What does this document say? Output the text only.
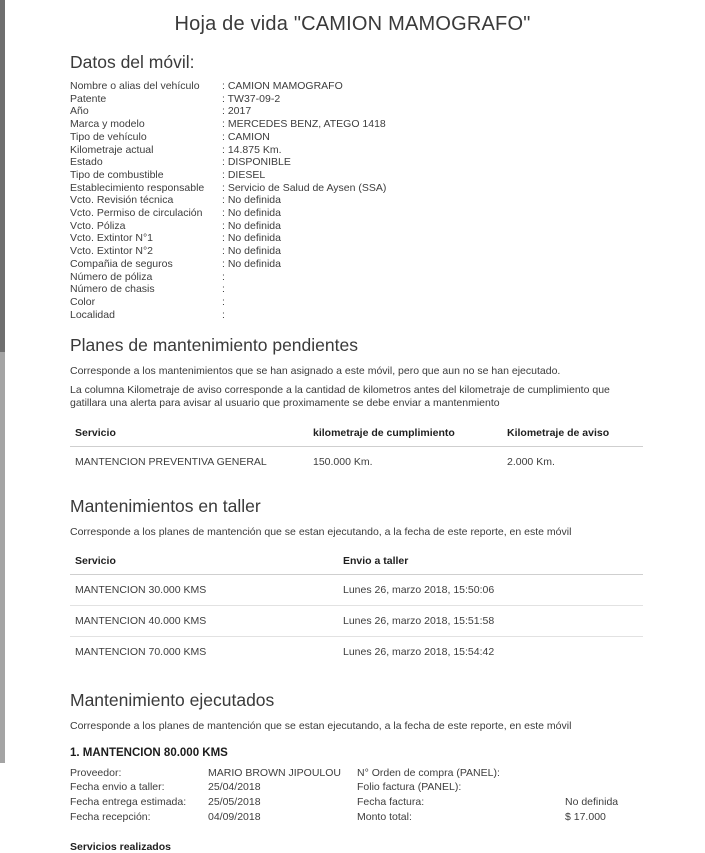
Hoja de vida "CAMION MAMOGRAFO"
Datos del móvil:
Nombre o alias del vehículo	: CAMION MAMOGRAFO
Patente	: TW37-09-2
Año	: 2017
Marca y modelo	: MERCEDES BENZ, ATEGO 1418
Tipo de vehículo	: CAMION
Kilometraje actual	: 14.875 Km.
Estado	: DISPONIBLE
Tipo de combustible	: DIESEL
Establecimiento responsable	: Servicio de Salud de Aysen (SSA)
Vcto. Revisión técnica	: No definida
Vcto. Permiso de circulación	: No definida
Vcto. Póliza	: No definida
Vcto. Extintor N°1	: No definida
Vcto. Extintor N°2	: No definida
Compañia de seguros	: No definida
Número de póliza	:
Número de chasis	:
Color	:
Localidad	:
Planes de mantenimiento pendientes

Corresponde a los mantenimientos que se han asignado a este móvil, pero que aun no se han ejecutado.

La columna Kilometraje de aviso corresponde a la cantidad de kilometros antes del kilometraje de cumplimiento que gatillara una alerta para avisar al usuario que proximamente se debe enviar a mantenmiento

Servicio	kilometraje de cumplimiento	Kilometraje de aviso
MANTENCION PREVENTIVA GENERAL	150.000 Km.	2.000 Km.
Mantenimientos en taller

Corresponde a los planes de mantención que se estan ejecutando, a la fecha de este reporte, en este móvil

Servicio	Envio a taller
MANTENCION 30.000 KMS	Lunes 26, marzo 2018, 15:50:06
MANTENCION 40.000 KMS	Lunes 26, marzo 2018, 15:51:58
MANTENCION 70.000 KMS	Lunes 26, marzo 2018, 15:54:42
Mantenimiento ejecutados

Corresponde a los planes de mantención que se estan ejecutando, a la fecha de este reporte, en este móvil

1. MANTENCION 80.000 KMS
Proveedor:	MARIO BROWN JIPOULOU	N° Orden de compra (PANEL):
Fecha envio a taller:	25/04/2018	Folio factura (PANEL):
Fecha entrega estimada:	25/05/2018	Fecha factura:	No definida
Fecha recepción:	04/09/2018	Monto total:	$ 17.000
Servicios realizados
